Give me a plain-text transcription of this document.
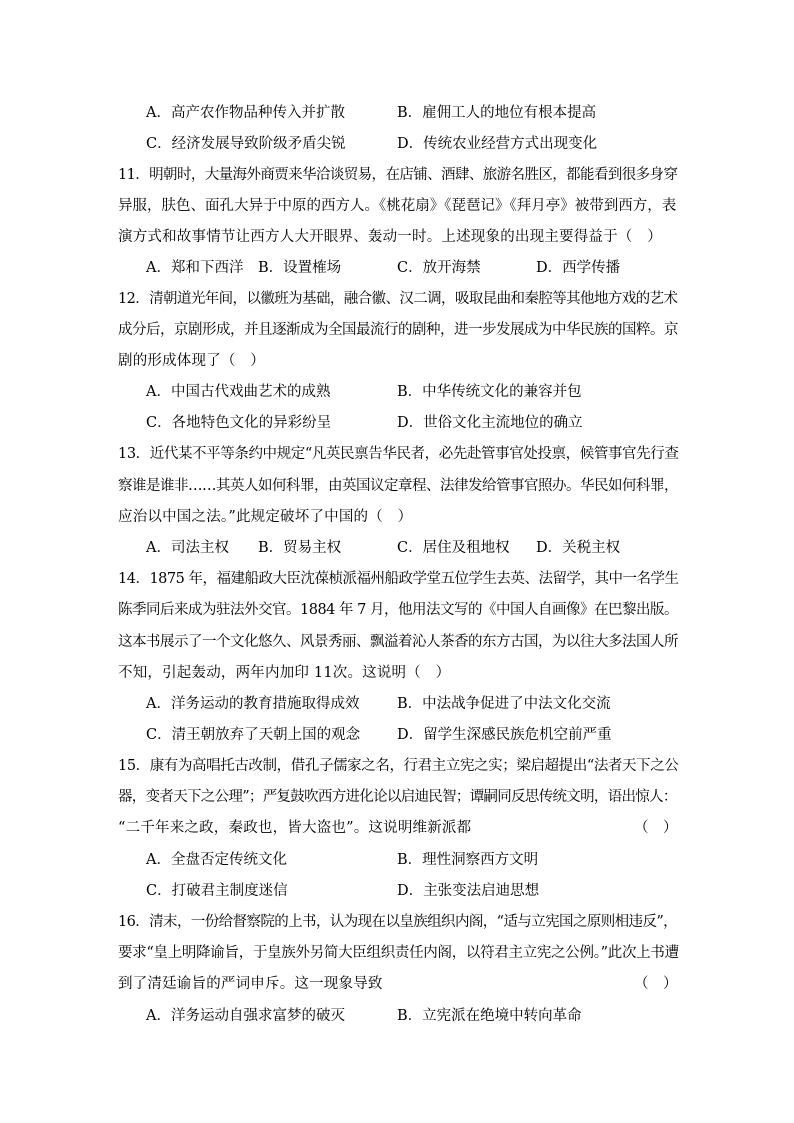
A．高产农作物品种传入并扩散	B．雇佣工人的地位有根本提高
C．经济发展导致阶级矛盾尖锐	D．传统农业经营方式出现变化
11．明朝时，大量海外商贾来华洽谈贸易，在店铺、酒肆、旅游名胜区，都能看到很多身穿
异服，肤色、面孔大异于中原的西方人。《桃花扇》《琵琶记》《拜月亭》被带到西方，表
演方式和故事情节让西方人大开眼界、轰动一时。上述现象的出现主要得益于（　）
A．郑和下西洋 B．设置榷场	C．放开海禁	D．西学传播
12．清朝道光年间，以徽班为基础，融合徽、汉二调，吸取昆曲和秦腔等其他地方戏的艺术
成分后，京剧形成，并且逐渐成为全国最流行的剧种，进一步发展成为中华民族的国粹。京
剧的形成体现了（　）
A．中国古代戏曲艺术的成熟	B．中华传统文化的兼容并包
C．各地特色文化的异彩纷呈	D．世俗文化主流地位的确立
13．近代某不平等条约中规定“凡英民禀告华民者，必先赴管事官处投禀，候管事官先行查
察谁是谁非……其英人如何科罪，由英国议定章程、法律发给管事官照办。华民如何科罪，
应治以中国之法。”此规定破坏了中国的（　）
A．司法主权 B．贸易主权	C．居住及租地权 D．关税主权
14．1875 年，福建船政大臣沈葆桢派福州船政学堂五位学生去英、法留学，其中一名学生
陈季同后来成为驻法外交官。1884 年 7 月，他用法文写的《中国人自画像》在巴黎出版。
这本书展示了一个文化悠久、风景秀丽、飘溢着沁人茶香的东方古国，为以往大多法国人所
不知，引起轰动，两年内加印 11次。这说明（　）
A．洋务运动的教育措施取得成效	B．中法战争促进了中法文化交流
C．清王朝放弃了天朝上国的观念	D．留学生深感民族危机空前严重
15．康有为高唱托古改制，借孔子儒家之名，行君主立宪之实；梁启超提出“法者天下之公
器，变者天下之公理”；严复鼓吹西方进化论以启迪民智；谭嗣同反思传统文明，语出惊人：
“二千年来之政，秦政也，皆大盗也”。这说明维新派都	（　）
A．全盘否定传统文化	B．理性洞察西方文明
C．打破君主制度迷信	D．主张变法启迪思想
16．清末，一份给督察院的上书，认为现在以皇族组织内阁，“适与立宪国之原则相违反”，
要求“皇上明降谕旨，于皇族外另简大臣组织责任内阁，以符君主立宪之公例。”此次上书遭
到了清廷谕旨的严词申斥。这一现象导致	（　）
A．洋务运动自强求富梦的破灭	B．立宪派在绝境中转向革命
